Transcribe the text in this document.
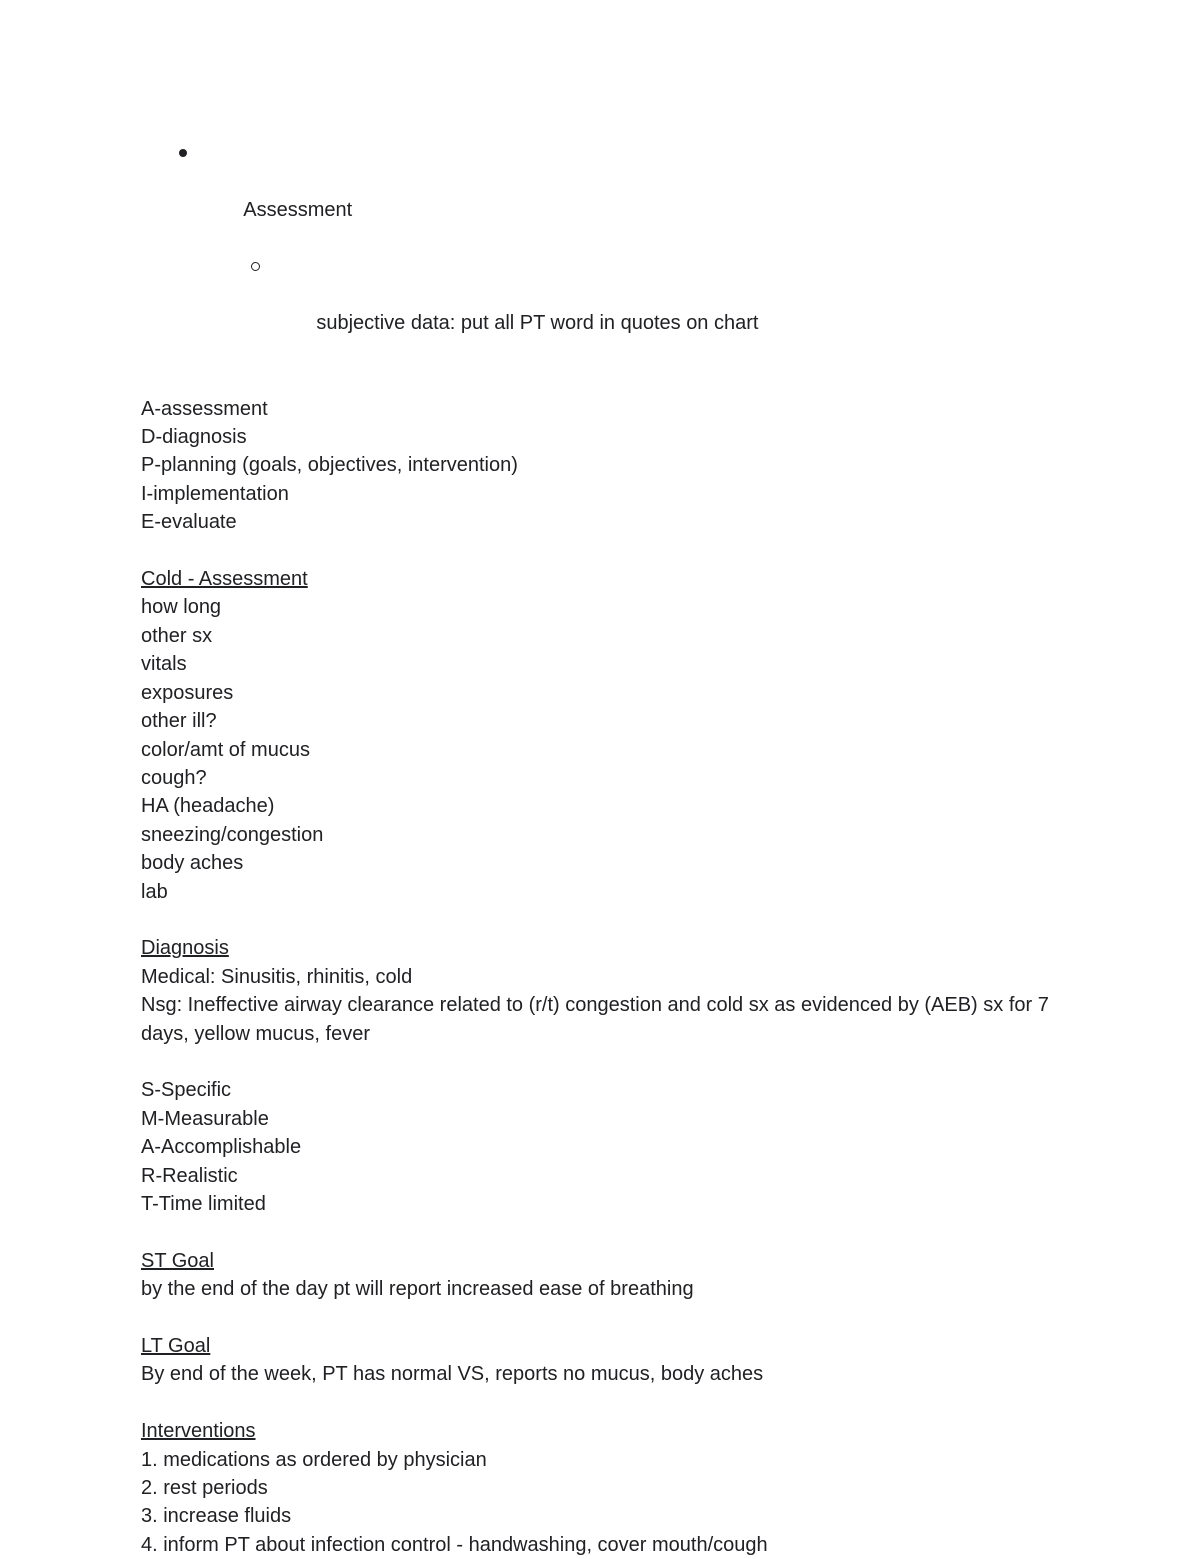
Assessment

subjective data: put all PT word in quotes on chart

A-assessment
D-diagnosis
P-planning (goals, objectives, intervention)
I-implementation
E-evaluate
Cold - Assessment
how long
other sx
vitals
exposures
other ill?
color/amt of mucus
cough?
HA (headache)
sneezing/congestion
body aches
lab
Diagnosis
Medical: Sinusitis, rhinitis, cold
Nsg: Ineffective airway clearance related to (r/t) congestion and cold sx as evidenced by (AEB) sx for 7 days, yellow mucus, fever
S-Specific
M-Measurable
A-Accomplishable
R-Realistic
T-Time limited
ST Goal
by the end of the day pt will report increased ease of breathing
LT Goal
By end of the week, PT has normal VS, reports no mucus, body aches
Interventions
1. medications as ordered by physician
2. rest periods
3. increase fluids
4. inform PT about infection control - handwashing, cover mouth/cough
